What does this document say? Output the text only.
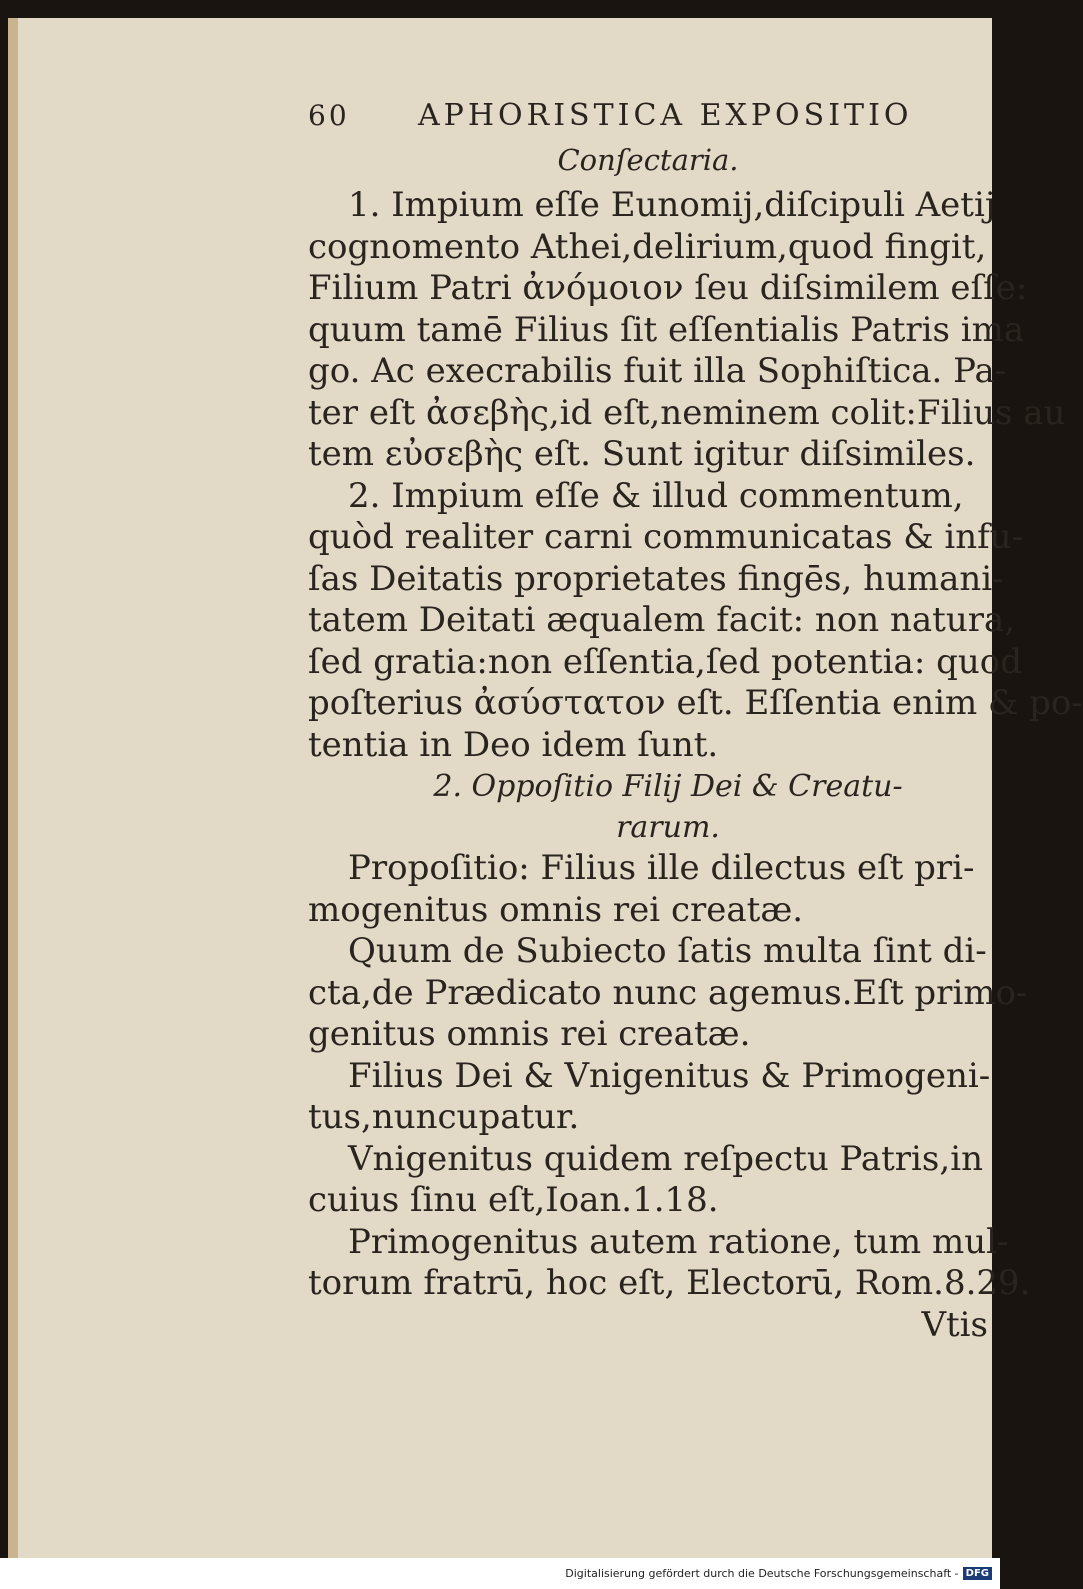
60	APHORISTICA EXPOSITIO
Conſectaria.
1. Impium eſſe Eunomij,diſcipuli Aetij
cognomento Athei,delirium,quod fingit,
Filium Patri ἀνόμοιον ſeu diſsimilem eſſe:
quum tamē Filius ſit eſſentialis Patris ima
go. Ac execrabilis fuit illa Sophiſtica. Pa-
ter eſt ἀσεβὴς,id eſt,neminem colit:Filius au
tem εὐσεβὴς eſt. Sunt igitur diſsimiles.
2. Impium eſſe & illud commentum,
quòd realiter carni communicatas & infu-
ſas Deitatis proprietates fingēs, humani-
tatem Deitati æqualem facit: non natura,
ſed gratia:non eſſentia,ſed potentia: quod
poſterius ἀσύστατον eſt. Eſſentia enim & po-
tentia in Deo idem ſunt.
2. Oppoſitio Filij Dei & Creatu-
rarum.
Propoſitio: Filius ille dilectus eſt pri-
mogenitus omnis rei creatæ.
Quum de Subiecto ſatis multa ſint di-
cta,de Prædicato nunc agemus.Eſt primo-
genitus omnis rei creatæ.
Filius Dei & Vnigenitus & Primogeni-
tus,nuncupatur.
Vnigenitus quidem reſpectu Patris,in
cuius ſinu eſt,Ioan.1.18.
Primogenitus autem ratione, tum mul-
torum fratrū, hoc eſt, Electorū, Rom.8.29.
Vtis
Digitalisierung gefördert durch die Deutsche Forschungsgemeinschaft - DFG
